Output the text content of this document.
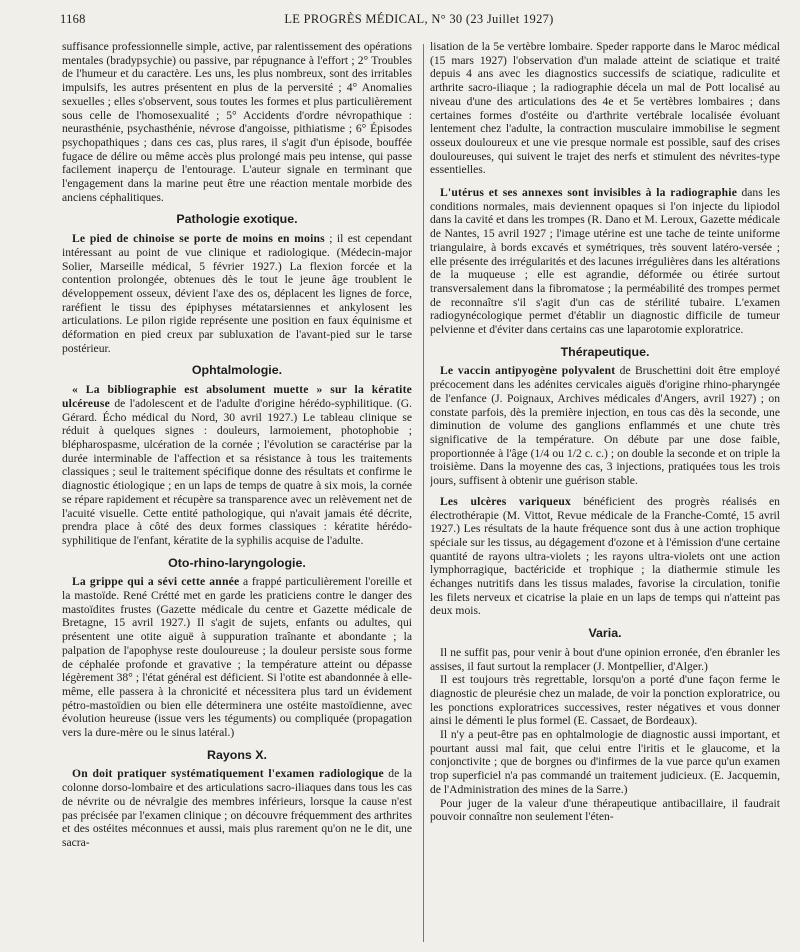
1168	LE PROGRÈS MÉDICAL, N° 30 (23 Juillet 1927)

suffisance professionnelle simple, active, par ralentissement des opérations mentales (bradypsychie) ou passive, par répugnance à l'effort ; 2° Troubles de l'humeur et du caractère. Les uns, les plus nombreux, sont des irritables impulsifs, les autres présentent en plus de la perversité ; 4° Anomalies sexuelles ; elles s'observent, sous toutes les formes et plus particulièrement sous celle de l'homosexualité ; 5° Accidents d'ordre névropathique : neurasthénie, psychasthénie, névrose d'angoisse, pithiatisme ; 6° Épisodes psychopathiques ; dans ces cas, plus rares, il s'agit d'un épisode, bouffée fugace de délire ou même accès plus prolongé mais peu intense, qui passe facilement inaperçu de l'entourage. L'auteur signale en terminant que l'engagement dans la marine peut être une réaction mentale morbide des anciens céphalitiques.

Pathologie exotique.

Le pied de chinoise se porte de moins en moins ; il est cependant intéressant au point de vue clinique et radiologique. (Médecin-major Solier, Marseille médical, 5 février 1927.) La flexion forcée et la contention prolongée, obtenues dès le tout le jeune âge troublent le développement osseux, dévient l'axe des os, déplacent les lignes de force, raréfient le tissu des épiphyses métatarsiennes et ankylosent les articulations. Le pilon rigide représente une position en faux équinisme et déformation en pied creux par subluxation de l'avant-pied sur le tarse postérieur.

Ophtalmologie.

« La bibliographie est absolument muette » sur la kératite ulcéreuse de l'adolescent et de l'adulte d'origine hérédo-syphilitique. (G. Gérard. Écho médical du Nord, 30 avril 1927.) Le tableau clinique se réduit à quelques signes : douleurs, larmoiement, photophobie ; blépharospasme, ulcération de la cornée ; l'évolution se caractérise par la durée interminable de l'affection et sa résistance à tous les traitements classiques ; seul le traitement spécifique donne des résultats et confirme le diagnostic étiologique ; en un laps de temps de quatre à six mois, la cornée se répare rapidement et récupère sa transparence avec un relèvement net de l'acuité visuelle. Cette entité pathologique, qui n'avait jamais été décrite, prendra place à côté des deux formes classiques : kératite hérédo-syphilitique de l'enfant, kératite de la syphilis acquise de l'adulte.

Oto-rhino-laryngologie.

La grippe qui a sévi cette année a frappé particulièrement l'oreille et la mastoïde. René Crétté met en garde les praticiens contre le danger des mastoïdites frustes (Gazette médicale du centre et Gazette médicale de Bretagne, 15 avril 1927.) Il s'agit de sujets, enfants ou adultes, qui présentent une otite aiguë à suppuration traînante et abondante ; la palpation de l'apophyse reste douloureuse ; la douleur persiste sous forme de céphalée profonde et gravative ; la température atteint ou dépasse légèrement 38° ; l'état général est déficient. Si l'otite est abandonnée à elle-même, elle passera à la chronicité et nécessitera plus tard un évidement pétro-mastoïdien ou bien elle déterminera une ostéite mastoïdienne, avec évolution heureuse (issue vers les téguments) ou compliquée (propagation vers la dure-mère ou le sinus latéral.)

Rayons X.

On doit pratiquer systématiquement l'examen radiologique de la colonne dorso-lombaire et des articulations sacro-iliaques dans tous les cas de névrite ou de névralgie des membres inférieurs, lorsque la cause n'est pas précisée par l'examen clinique ; on découvre fréquemment des arthrites et des ostéites méconnues et aussi, mais plus rarement qu'on ne le dit, une sacra-

lisation de la 5e vertèbre lombaire. Speder rapporte dans le Maroc médical (15 mars 1927) l'observation d'un malade atteint de sciatique et traité depuis 4 ans avec les diagnostics successifs de sciatique, radiculite et arthrite sacro-iliaque ; la radiographie décela un mal de Pott localisé au niveau d'une des articulations des 4e et 5e vertèbres lombaires ; dans certaines formes d'ostéite ou d'arthrite vertébrale localisée évoluant lentement chez l'adulte, la contraction musculaire immobilise le segment osseux douloureux et une vie presque normale est possible, sauf des crises douloureuses, qui suivent le trajet des nerfs et stimulent des névrites-type essentielles.

L'utérus et ses annexes sont invisibles à la radiographie dans les conditions normales, mais deviennent opaques si l'on injecte du lipiodol dans la cavité et dans les trompes (R. Dano et M. Leroux, Gazette médicale de Nantes, 15 avril 1927 ; l'image utérine est une tache de teinte uniforme triangulaire, à bords excavés et symétriques, très souvent latéro-versée ; elle présente des irrégularités et des lacunes irrégulières dans les altérations de la muqueuse ; elle est agrandie, déformée ou étirée surtout transversalement dans la fibromatose ; la perméabilité des trompes permet de reconnaître s'il s'agit d'un cas de stérilité tubaire. L'examen radiogynécologique permet d'établir un diagnostic difficile de tumeur pelvienne et d'éviter dans certains cas une laparotomie exploratrice.

Thérapeutique.

Le vaccin antipyogène polyvalent de Bruschettini doit être employé précocement dans les adénites cervicales aiguës d'origine rhino-pharyngée de l'enfance (J. Poignaux, Archives médicales d'Angers, avril 1927) ; on constate parfois, dès la première injection, en tous cas dès la seconde, une diminution de volume des ganglions enflammés et une chute très significative de la température. On débute par une dose faible, proportionnée à l'âge (1/4 ou 1/2 c. c.) ; on double la seconde et on triple la troisième. Dans la moyenne des cas, 3 injections, pratiquées tous les trois jours, suffisent à obtenir une guérison stable.

Les ulcères variqueux bénéficient des progrès réalisés en électrothérapie (M. Vittot, Revue médicale de la Franche-Comté, 15 avril 1927.) Les résultats de la haute fréquence sont dus à une action trophique spéciale sur les tissus, au dégagement d'ozone et à l'émission d'une certaine quantité de rayons ultra-violets ; les rayons ultra-violets ont une action lymphorragique, bactéricide et trophique ; la diathermie stimule les échanges nutritifs dans les tissus malades, favorise la circulation, tonifie les filets nerveux et cicatrise la plaie en un laps de temps qui n'atteint pas deux mois.

Varia.

Il ne suffit pas, pour venir à bout d'une opinion erronée, d'en ébranler les assises, il faut surtout la remplacer (J. Montpellier, d'Alger.)

Il est toujours très regrettable, lorsqu'on a porté d'une façon ferme le diagnostic de pleurésie chez un malade, de voir la ponction exploratrice, ou les ponctions exploratrices successives, rester négatives et vous donner ainsi le démenti le plus formel (E. Cassaet, de Bordeaux).

Il n'y a peut-être pas en ophtalmologie de diagnostic aussi important, et pourtant aussi mal fait, que celui entre l'iritis et le glaucome, et la conjonctivite ; que de borgnes ou d'infirmes de la vue parce qu'un examen trop superficiel n'a pas commandé un traitement judicieux. (E. Jacquemin, de l'Administration des mines de la Sarre.)

Pour juger de la valeur d'une thérapeutique antibacillaire, il faudrait pouvoir connaître non seulement l'éten-
